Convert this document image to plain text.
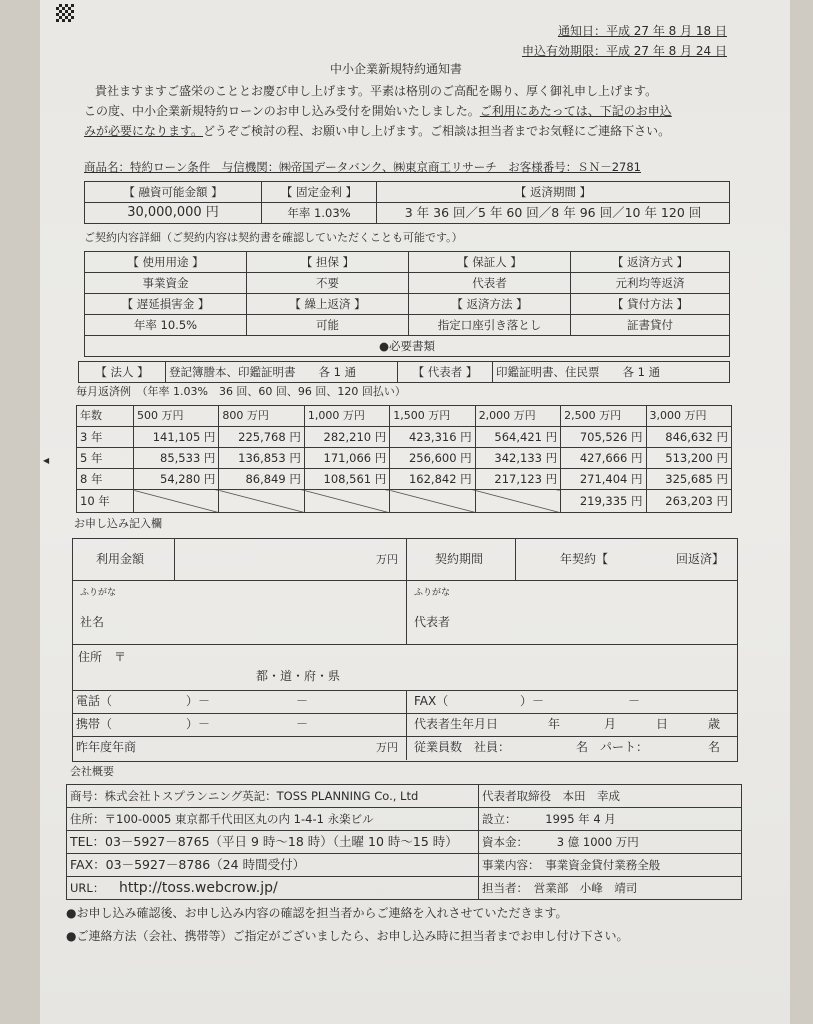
◀
通知日：平成 27 年 8 月 18 日
申込有効期限：平成 27 年 8 月 24 日
中小企業新規特約通知書
貴社ますますご盛栄のこととお慶び申し上げます。平素は格別のご高配を賜り、厚く御礼申し上げます。
この度、中小企業新規特約ローンのお申し込み受付を開始いたしました。ご利用にあたっては、下記のお申込
みが必要になります。どうぞご検討の程、お願い申し上げます。ご相談は担当者までお気軽にご連絡下さい。
商品名：特約ローン条件　与信機関：㈱帝国データバンク、㈱東京商工リサーチ　お客様番号：ＳＮ－2781
【 融資可能金額 】	【 固定金利 】	【 返済期間 】
30,000,000 円	年率 1.03%	3 年 36 回／5 年 60 回／8 年 96 回／10 年 120 回
ご契約内容詳細（ご契約内容は契約書を確認していただくことも可能です。）
【 使用用途 】	【 担保 】	【 保証人 】	【 返済方式 】
事業資金	不要	代表者	元利均等返済
【 遅延損害金 】	【 繰上返済 】	【 返済方法 】	【 貸付方法 】
年率 10.5%	可能	指定口座引き落とし	証書貸付
●必要書類			
【 法人 】	登記簿謄本、印鑑証明書　　各 1 通	【 代表者 】	印鑑証明書、住民票　　各 1 通
毎月返済例　（年率 1.03%　36 回、60 回、96 回、120 回払い）
年数	500 万円	800 万円	1,000 万円	1,500 万円	2,000 万円	2,500 万円	3,000 万円
3 年	141,105 円	225,768 円	282,210 円	423,316 円	564,421 円	705,526 円	846,632 円
5 年	85,533 円	136,853 円	171,066 円	256,600 円	342,133 円	427,666 円	513,200 円
8 年	54,280 円	86,849 円	108,561 円	162,842 円	217,123 円	271,404 円	325,685 円
10 年						219,335 円	263,203 円
お申し込み記入欄
利用金額	万円	契約期間	年契約【	回返済】
ふりがな	ふりがな
社名	代表者
住所　〒
都・道・府・県
電話（	）－	－	FAX（	）－	－
携帯（	）－	－	代表者生年月日	年	月	日	歳
昨年度年商	万円 従業員数　社員：	名　パート：	名
会社概要
商号：株式会社トスプランニング英記：TOSS PLANNING Co., Ltd	代表者取締役　本田　幸成
住所：〒100-0005 東京都千代田区丸の内 1-4-1 永楽ビル	設立：　　　1995 年 4 月
TEL：03－5927－8765（平日 9 時～18 時）（土曜 10 時～15 時）	資本金：　　　3 億 1000 万円
FAX：03－5927－8786（24 時間受付）	事業内容：　事業資金貸付業務全般
URL： http://toss.webcrow.jp/	担当者：　営業部　小峰　靖司
●お申し込み確認後、お申し込み内容の確認を担当者からご連絡を入れさせていただきます。
●ご連絡方法（会社、携帯等）ご指定がございましたら、お申し込み時に担当者までお申し付け下さい。
